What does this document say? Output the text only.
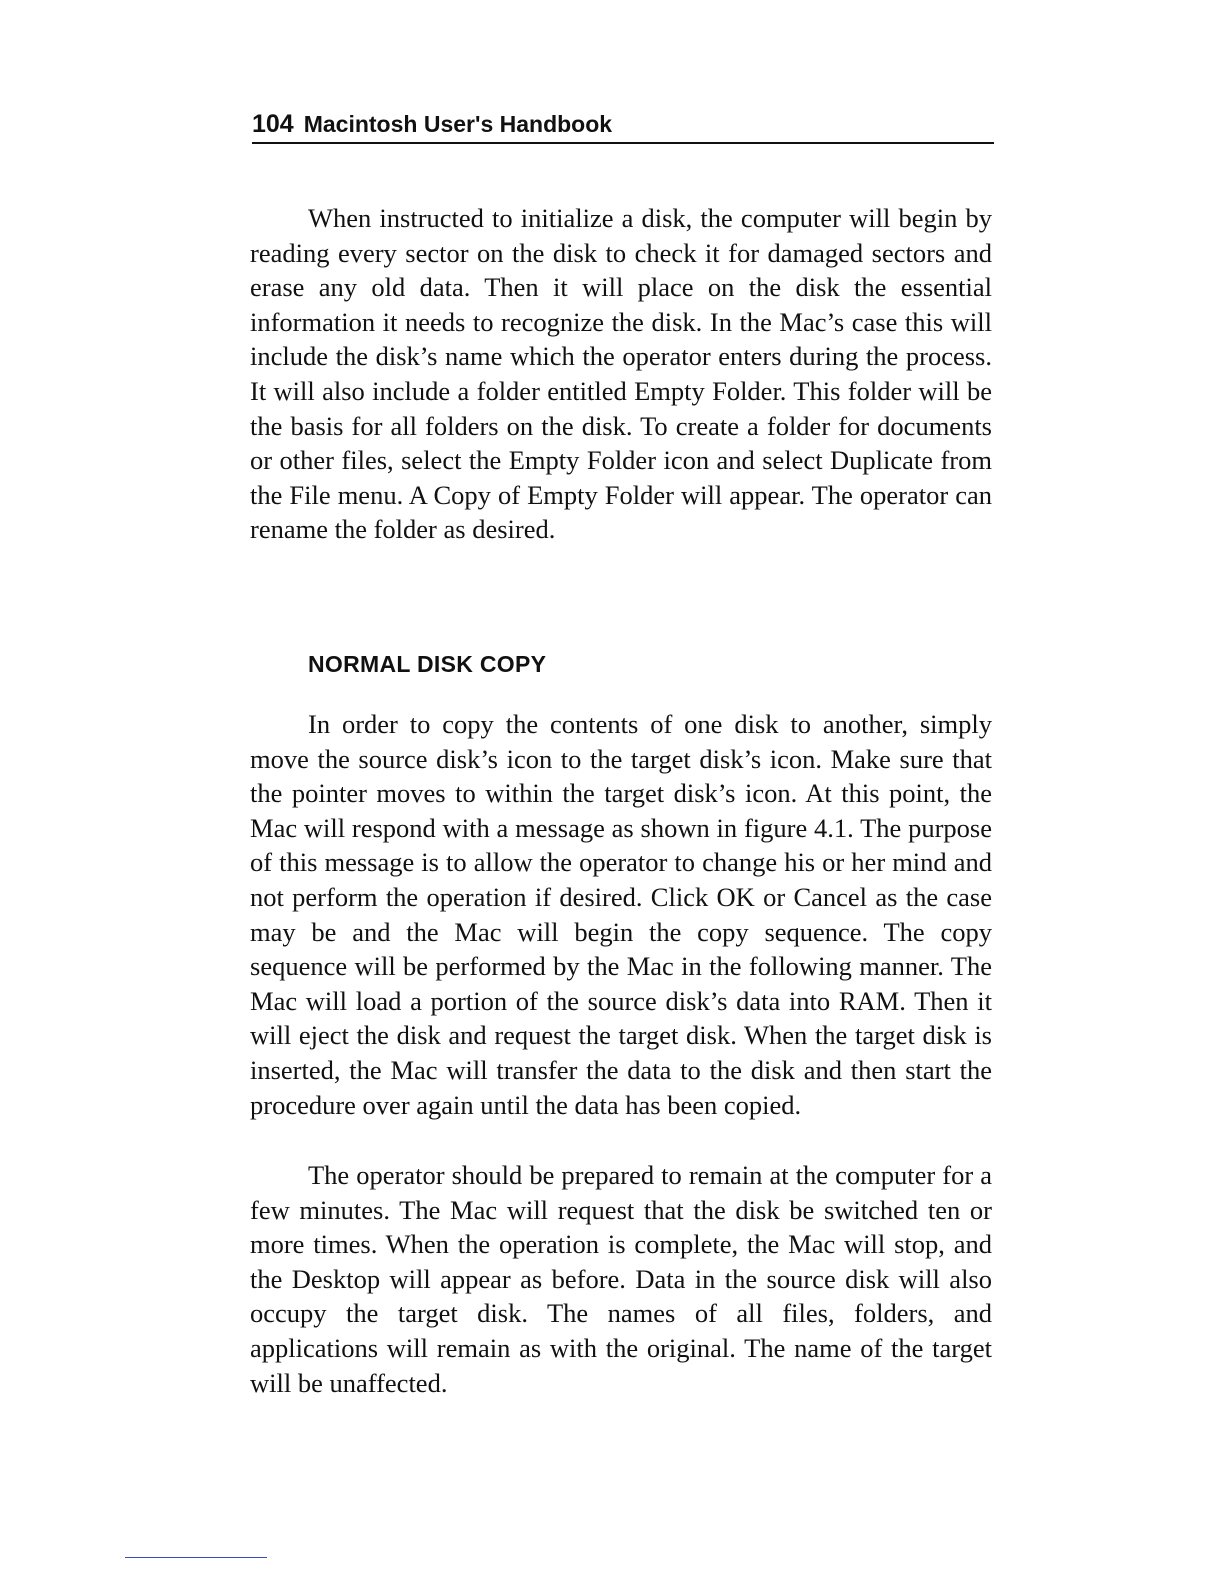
104 Macintosh User's Handbook

When instructed to initialize a disk, the computer will begin by reading every sector on the disk to check it for damaged sectors and erase any old data. Then it will place on the disk the essential information it needs to recognize the disk. In the Mac’s case this will include the disk’s name which the operator enters during the process. It will also include a folder entitled Empty Folder. This folder will be the basis for all folders on the disk. To create a folder for documents or other files, select the Empty Folder icon and select Duplicate from the File menu. A Copy of Empty Folder will appear. The operator can rename the folder as desired.

NORMAL DISK COPY

In order to copy the contents of one disk to another, simply move the source disk’s icon to the target disk’s icon. Make sure that the pointer moves to within the target disk’s icon. At this point, the Mac will respond with a message as shown in figure 4.1. The purpose of this message is to allow the operator to change his or her mind and not perform the operation if desired. Click OK or Cancel as the case may be and the Mac will begin the copy sequence. The copy sequence will be performed by the Mac in the following manner. The Mac will load a portion of the source disk’s data into RAM. Then it will eject the disk and request the target disk. When the target disk is inserted, the Mac will transfer the data to the disk and then start the procedure over again until the data has been copied.

The operator should be prepared to remain at the computer for a few minutes. The Mac will request that the disk be switched ten or more times. When the operation is complete, the Mac will stop, and the Desktop will appear as before. Data in the source disk will also occupy the target disk. The names of all files, folders, and applications will remain as with the original. The name of the target will be unaffected.
